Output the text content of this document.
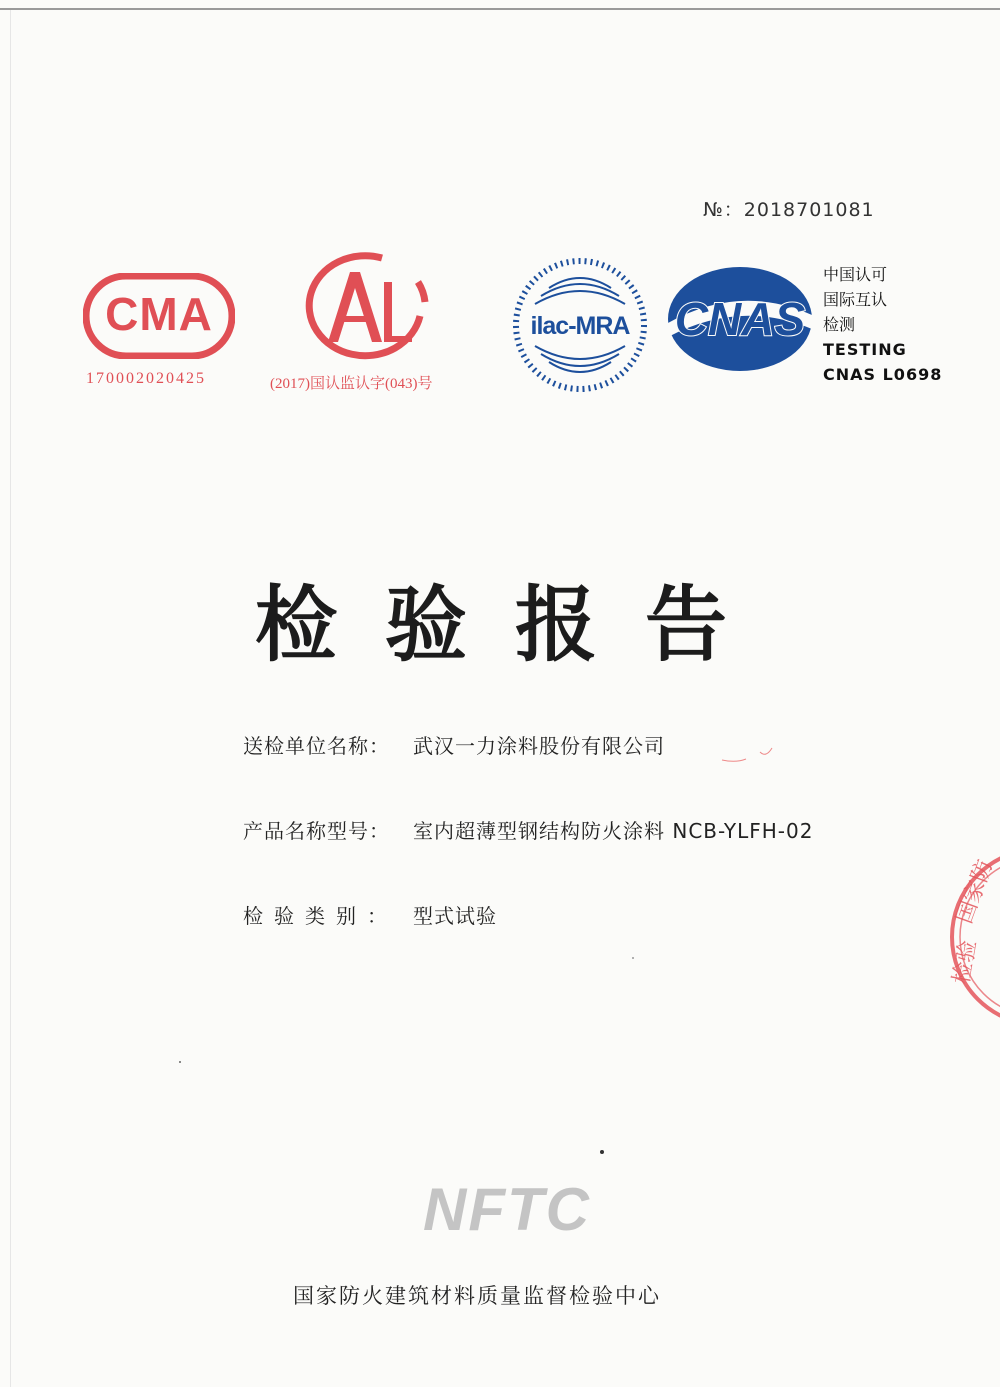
№：2018701081
CMA
170002020425
CAL
(2017)国认监认字(043)号
ilac-MRA CNAS
中国认可
国际互认
检测
TESTING
CNAS L0698
检验报告
送检单位名称： 武汉一力涂料股份有限公司
产品名称型号： 室内超薄型钢结构防火涂料 NCB-YLFH-02
检验类别： 型式试验
NFTC
国家防火建筑材料质量监督检验中心
国家防
检验
